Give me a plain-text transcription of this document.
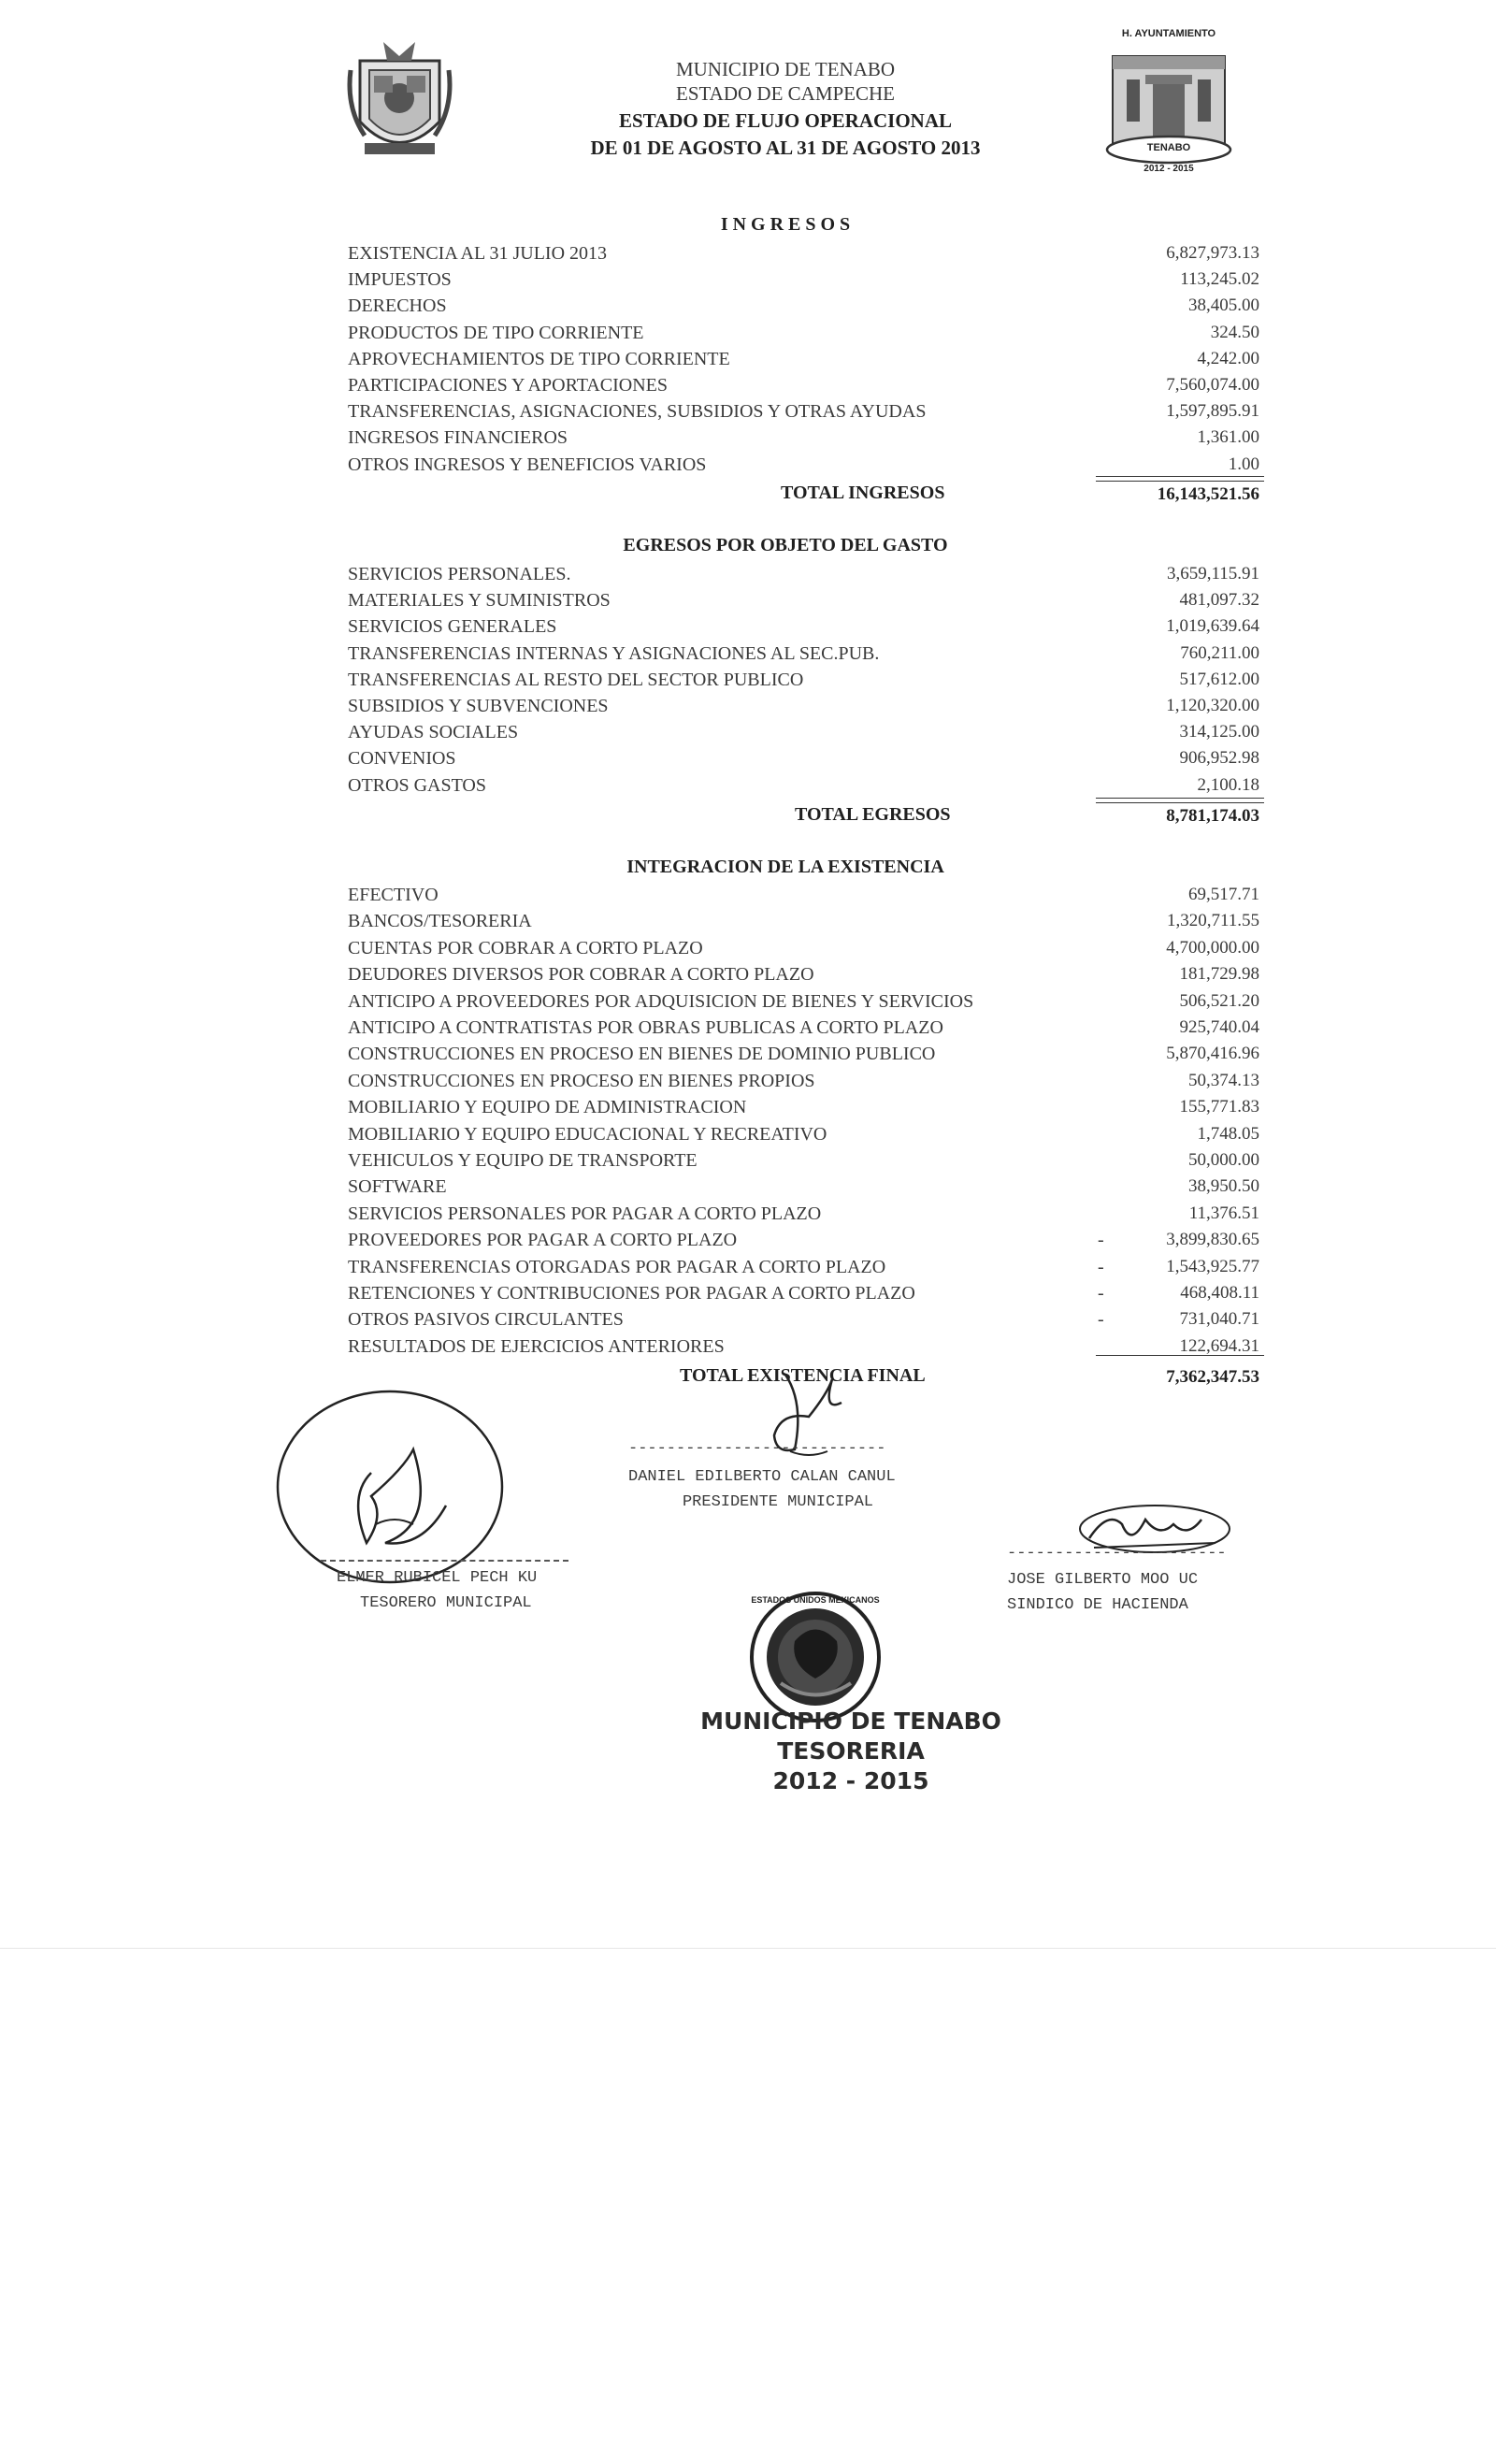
H. AYUNTAMIENTO
TENABO
2012 - 2015
MUNICIPIO DE TENABO
ESTADO DE CAMPECHE
ESTADO DE FLUJO OPERACIONAL
DE 01 DE AGOSTO AL 31 DE AGOSTO 2013
I N G R E S O S
EXISTENCIA AL 31 JULIO 2013	6,827,973.13
IMPUESTOS	113,245.02
DERECHOS	38,405.00
PRODUCTOS DE TIPO CORRIENTE	324.50
APROVECHAMIENTOS DE TIPO CORRIENTE	4,242.00
PARTICIPACIONES Y APORTACIONES	7,560,074.00
TRANSFERENCIAS, ASIGNACIONES, SUBSIDIOS Y OTRAS AYUDAS	1,597,895.91
INGRESOS FINANCIEROS	1,361.00
OTROS INGRESOS Y BENEFICIOS VARIOS	1.00
TOTAL INGRESOS	16,143,521.56
EGRESOS POR OBJETO DEL GASTO
SERVICIOS PERSONALES.	3,659,115.91
MATERIALES Y SUMINISTROS	481,097.32
SERVICIOS GENERALES	1,019,639.64
TRANSFERENCIAS INTERNAS Y ASIGNACIONES AL SEC.PUB.	760,211.00
TRANSFERENCIAS AL RESTO DEL SECTOR PUBLICO	517,612.00
SUBSIDIOS Y SUBVENCIONES	1,120,320.00
AYUDAS SOCIALES	314,125.00
CONVENIOS	906,952.98
OTROS GASTOS	2,100.18
TOTAL EGRESOS	8,781,174.03
INTEGRACION DE LA EXISTENCIA
EFECTIVO	69,517.71
BANCOS/TESORERIA	1,320,711.55
CUENTAS POR COBRAR A CORTO PLAZO	4,700,000.00
DEUDORES DIVERSOS POR COBRAR A CORTO PLAZO	181,729.98
ANTICIPO A PROVEEDORES POR ADQUISICION DE BIENES Y SERVICIOS	506,521.20
ANTICIPO A CONTRATISTAS POR OBRAS PUBLICAS A CORTO PLAZO	925,740.04
CONSTRUCCIONES EN PROCESO EN BIENES DE DOMINIO PUBLICO	5,870,416.96
CONSTRUCCIONES EN PROCESO EN BIENES PROPIOS	50,374.13
MOBILIARIO Y EQUIPO DE ADMINISTRACION	155,771.83
MOBILIARIO Y EQUIPO EDUCACIONAL Y RECREATIVO	1,748.05
VEHICULOS Y EQUIPO DE TRANSPORTE	50,000.00
SOFTWARE	38,950.50
SERVICIOS PERSONALES POR PAGAR A CORTO PLAZO	11,376.51
PROVEEDORES POR PAGAR A CORTO PLAZO	-	3,899,830.65
TRANSFERENCIAS OTORGADAS POR PAGAR A CORTO PLAZO	-	1,543,925.77
RETENCIONES Y CONTRIBUCIONES POR PAGAR A CORTO PLAZO	-	468,408.11
OTROS PASIVOS CIRCULANTES	-	731,040.71
RESULTADOS DE EJERCICIOS ANTERIORES	122,694.31
TOTAL EXISTENCIA FINAL	7,362,347.53
---------------------------
DANIEL EDILBERTO CALAN CANUL
PRESIDENTE MUNICIPAL
ELMER RUBICEL PECH KU
TESORERO MUNICIPAL
-----------------------
JOSE GILBERTO MOO UC
SINDICO DE HACIENDA
ESTADOS UNIDOS MEXICANOS
MUNICIPIO DE TENABO
TESORERIA
2012 - 2015
